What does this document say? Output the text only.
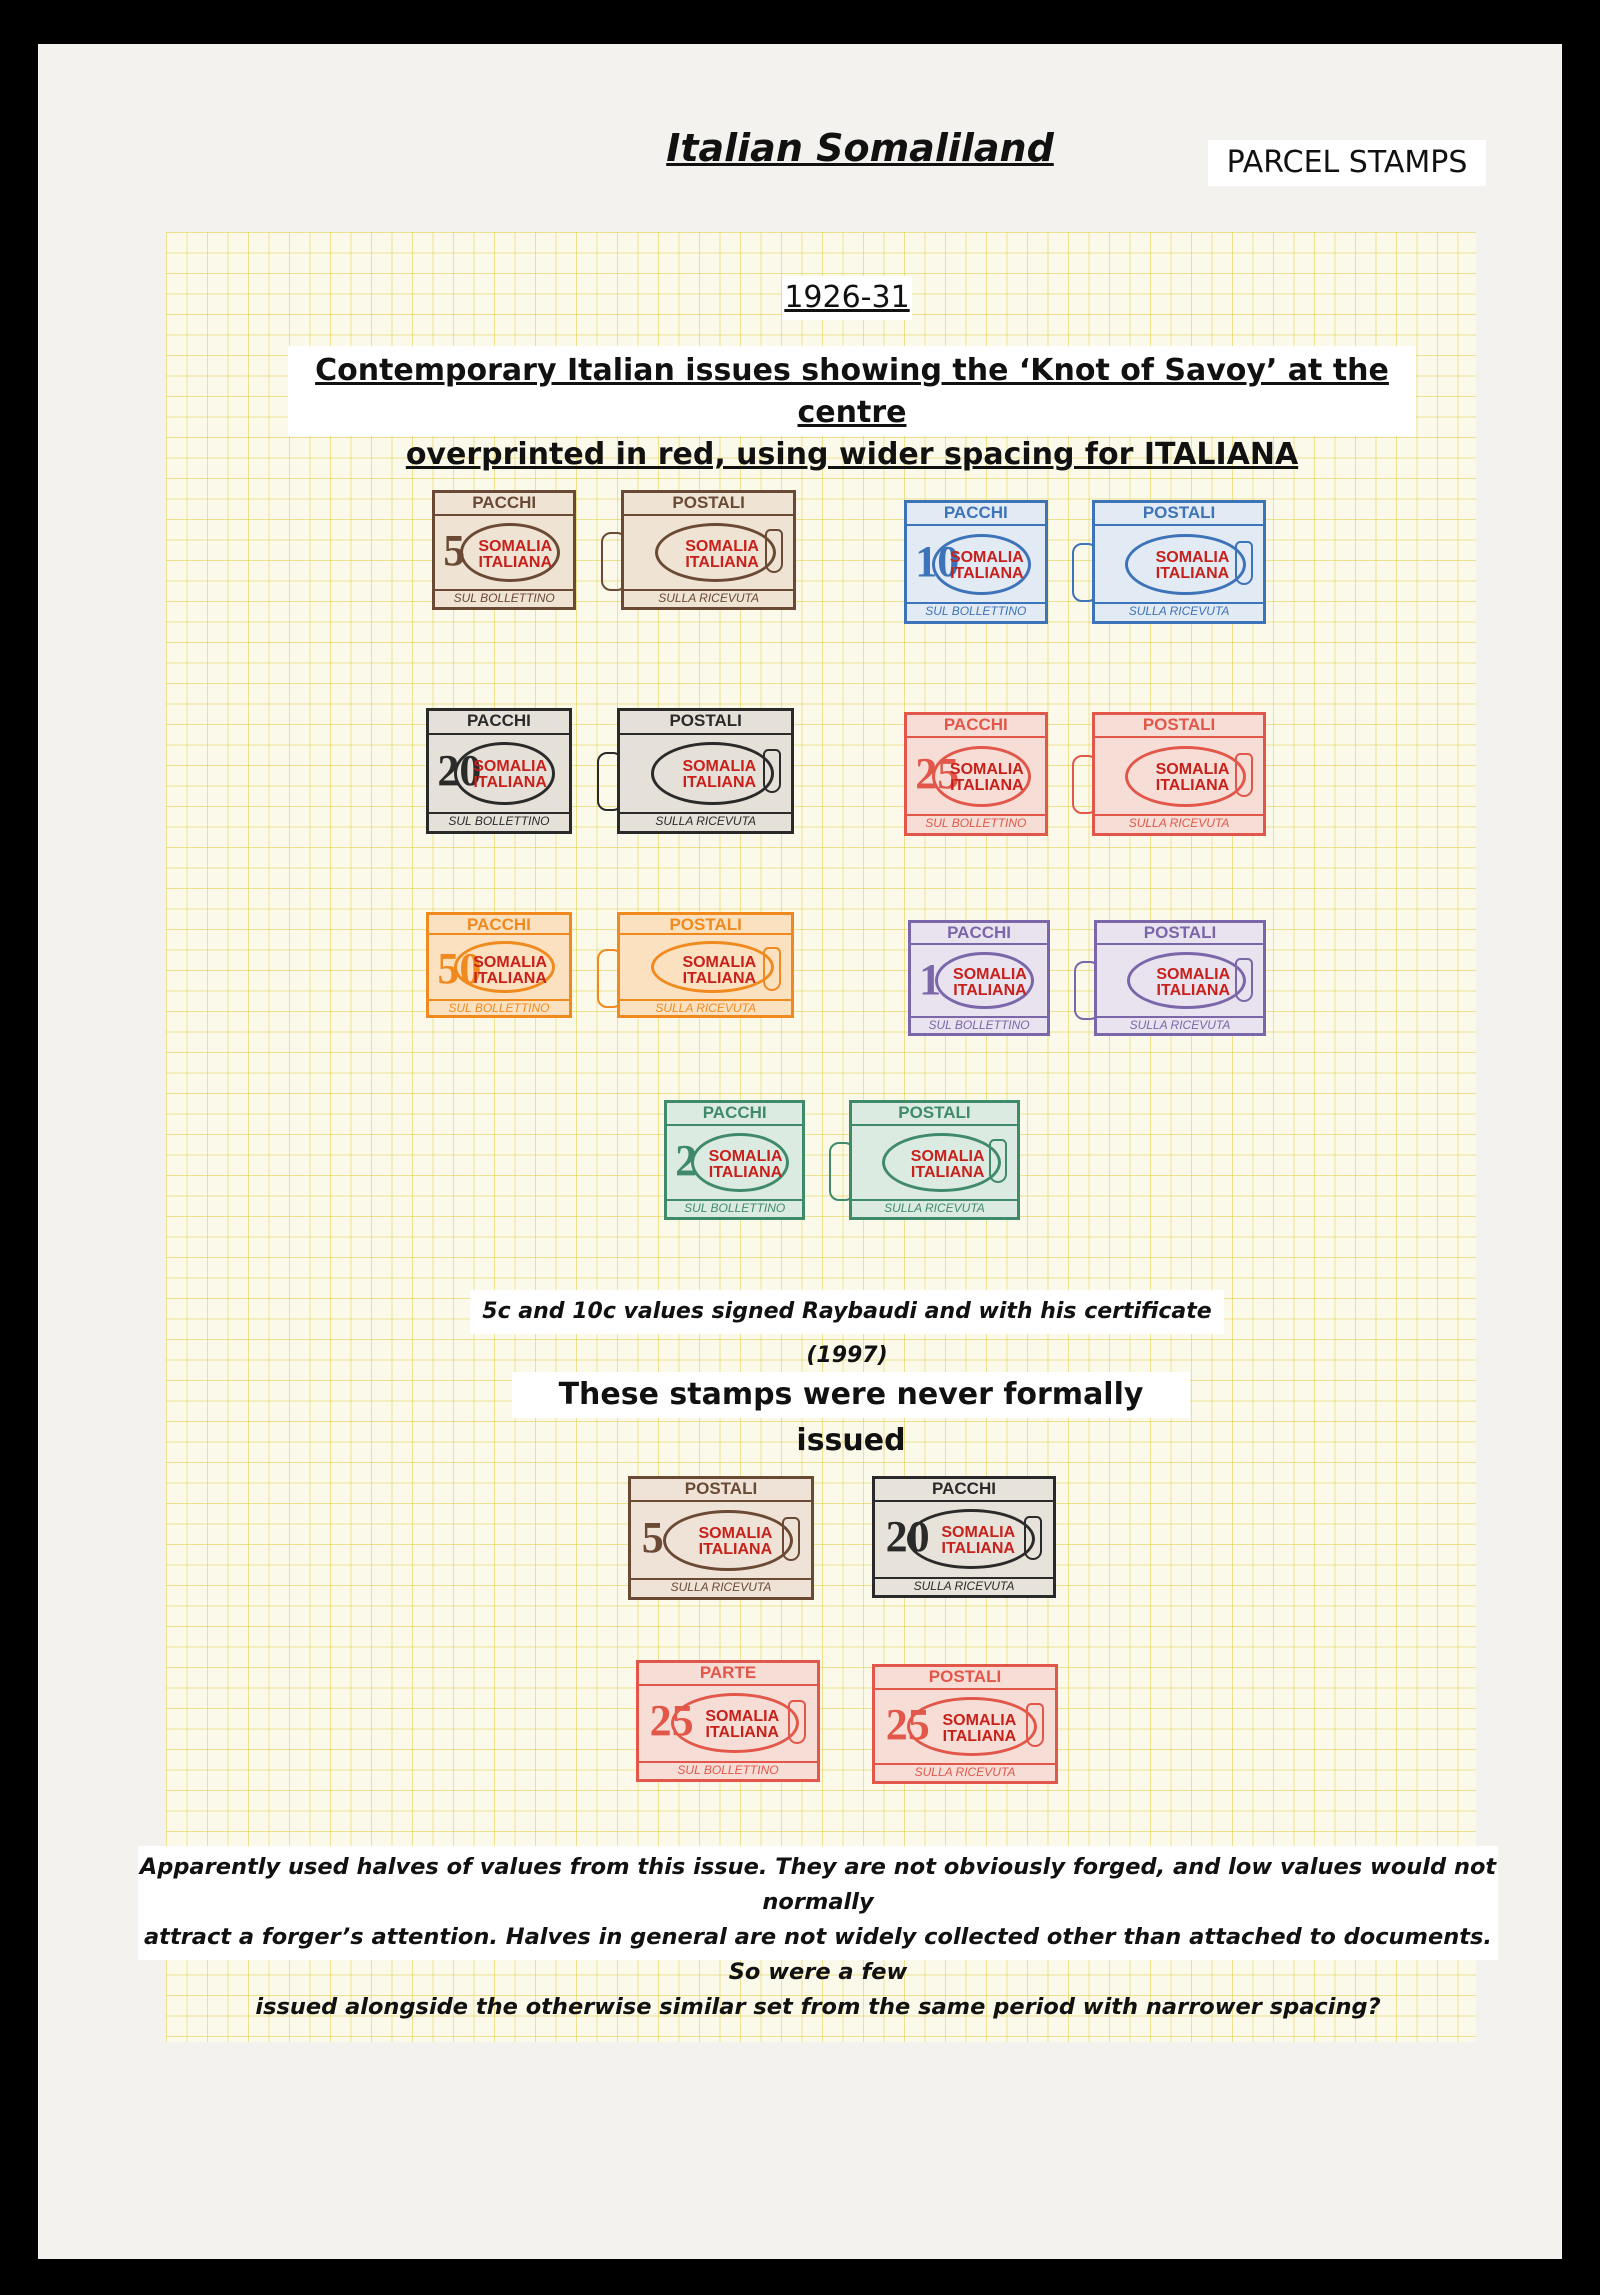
Italian Somaliland	PARCEL STAMPS
1926-31
Contemporary Italian issues showing the ‘Knot of Savoy’ at the centre
overprinted in red, using wider spacing for ITALIANA
PACCHI
5 SOMALIA ITALIANA
SUL BOLLETTINO
POSTALI
SOMALIA ITALIANA
SULLA RICEVUTA
PACCHI
10
SOMALIA ITALIANA
SUL BOLLETTINO
POSTALI
SOMALIA ITALIANA
SULLA RICEVUTA
PACCHI
20
SOMALIA ITALIANA
SUL BOLLETTINO
POSTALI
SOMALIA ITALIANA
SULLA RICEVUTA
PACCHI
25
SOMALIA ITALIANA
SUL BOLLETTINO
POSTALI
SOMALIA ITALIANA
SULLA RICEVUTA
PACCHI
50
SOMALIA ITALIANA
SUL BOLLETTINO
POSTALI
SOMALIA ITALIANA
SULLA RICEVUTA
PACCHI
1 SOMALIA ITALIANA
SUL BOLLETTINO
POSTALI
SOMALIA ITALIANA
SULLA RICEVUTA
PACCHI
2 SOMALIA ITALIANA
SUL BOLLETTINO
POSTALI
SOMALIA ITALIANA
SULLA RICEVUTA
5c and 10c values signed Raybaudi and with his certificate (1997)
These stamps were never formally issued
POSTALI
5	SOMALIA ITALIANA
SULLA RICEVUTA
PACCHI
20 SOMALIA ITALIANA
SULLA RICEVUTA
PARTE
25 SOMALIA ITALIANA
SUL BOLLETTINO
POSTALI
25 SOMALIA ITALIANA
SULLA RICEVUTA
Apparently used halves of values from this issue. They are not obviously forged, and low values would not normally
attract a forger’s attention. Halves in general are not widely collected other than attached to documents. So were a few
issued alongside the otherwise similar set from the same period with narrower spacing?
